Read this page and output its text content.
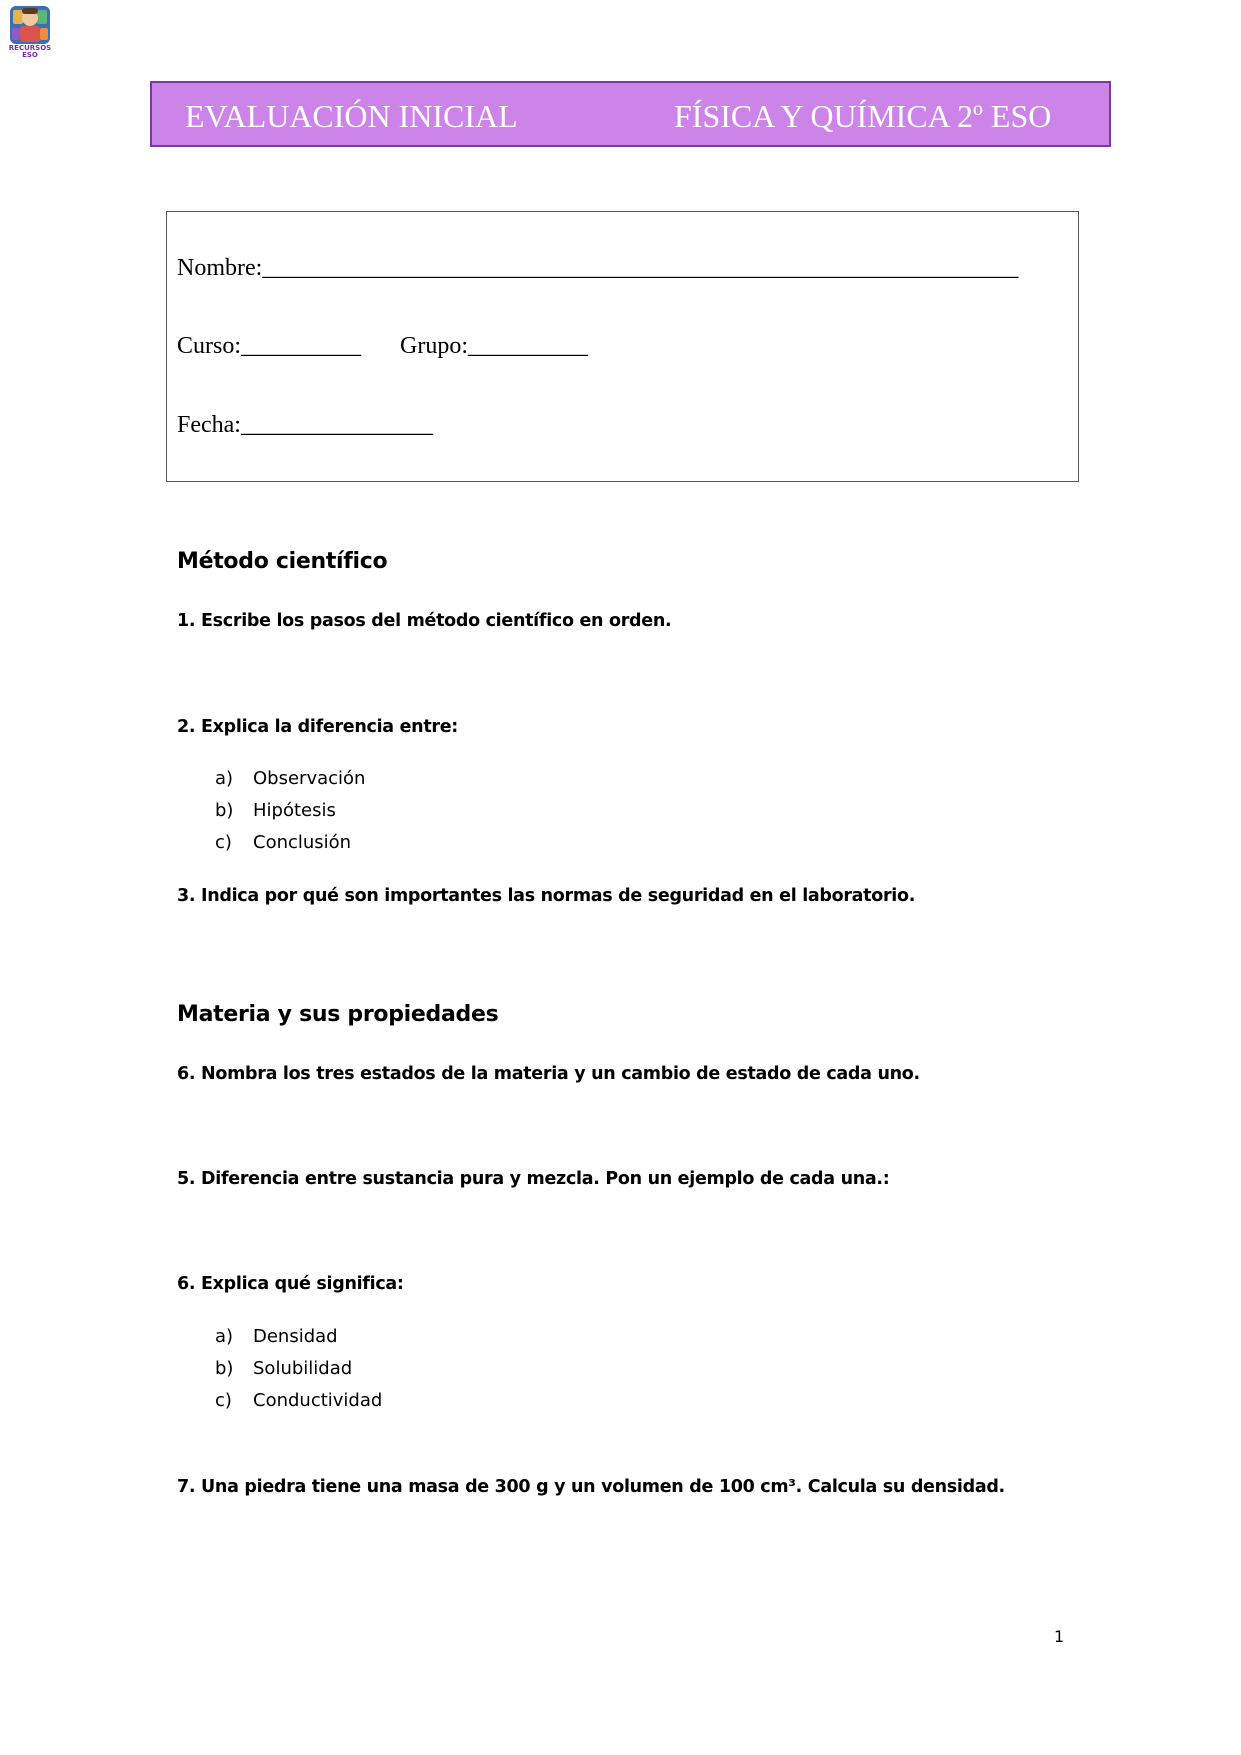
RECURSOS
ESO
EVALUACIÓN INICIAL	FÍSICA Y QUÍMICA 2º ESO
Nombre:_______________________________________________________________
Curso:__________ Grupo:__________
Fecha:________________
Método científico
1. Escribe los pasos del método científico en orden.
2. Explica la diferencia entre:
a) Observación
b) Hipótesis
c) Conclusión
3. Indica por qué son importantes las normas de seguridad en el laboratorio.
Materia y sus propiedades
6. Nombra los tres estados de la materia y un cambio de estado de cada uno.
5. Diferencia entre sustancia pura y mezcla. Pon un ejemplo de cada una.:
6. Explica qué significa:
a) Densidad
b) Solubilidad
c) Conductividad
7. Una piedra tiene una masa de 300 g y un volumen de 100 cm³. Calcula su densidad.
1
